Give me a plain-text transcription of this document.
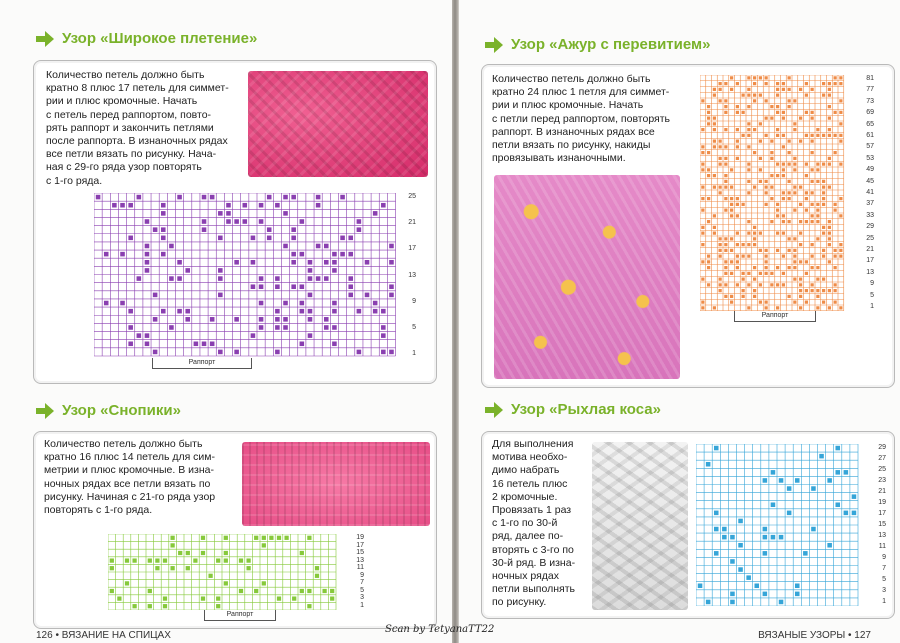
Узор «Широкое плетение»
Количество петель должно быть
кратно 8 плюс 17 петель для симмет-
рии и плюс кромочные. Начать
с петель перед раппортом, повто-
рять раппорт и закончить петлями
после раппорта. В изнаночных рядах
все петли вязать по рисунку. Нача-
ная с 29-го ряда узор повторять
с 1-го ряда.
25
21
17
13
9
5
1
Раппорт
Узор «Снопики»
Количество петель должно быть
кратно 16 плюс 14 петель для сим-
метрии и плюс кромочные. В изна-
ночных рядах все петли вязать по
рисунку. Начиная с 21-го ряда узор
повторять с 1-го ряда.
19
17
15
13
11
9
7
5
3
1
Раппорт
126 • ВЯЗАНИЕ НА СПИЦАХ
Узор «Ажур с перевитием»
Количество петель должно быть
кратно 24 плюс 1 петля для симмет-
рии и плюс кромочные. Начать
с петли перед раппортом, повторять
раппорт. В изнаночных рядах все
петли вязать по рисунку, накиды
провязывать изнаночными.
81
77
73
69
65
61
57
53
49
45
41
37
33
29
25
21
17
13
9
5
1
Раппорт
Узор «Рыхлая коса»
Для выполнения
мотива необхо-
димо набрать
16 петель плюс
2 кромочные.
Провязать 1 раз
с 1-го по 30-й
ряд, далее по-
вторять с 3-го по
30-й ряд. В изна-
ночных рядах
петли выполнять
по рисунку.
29
27
25
23
21
19
17
15
13
11
9
7
5
3
1
ВЯЗАНЫЕ УЗОРЫ • 127
Scan by TetyanaTT22
